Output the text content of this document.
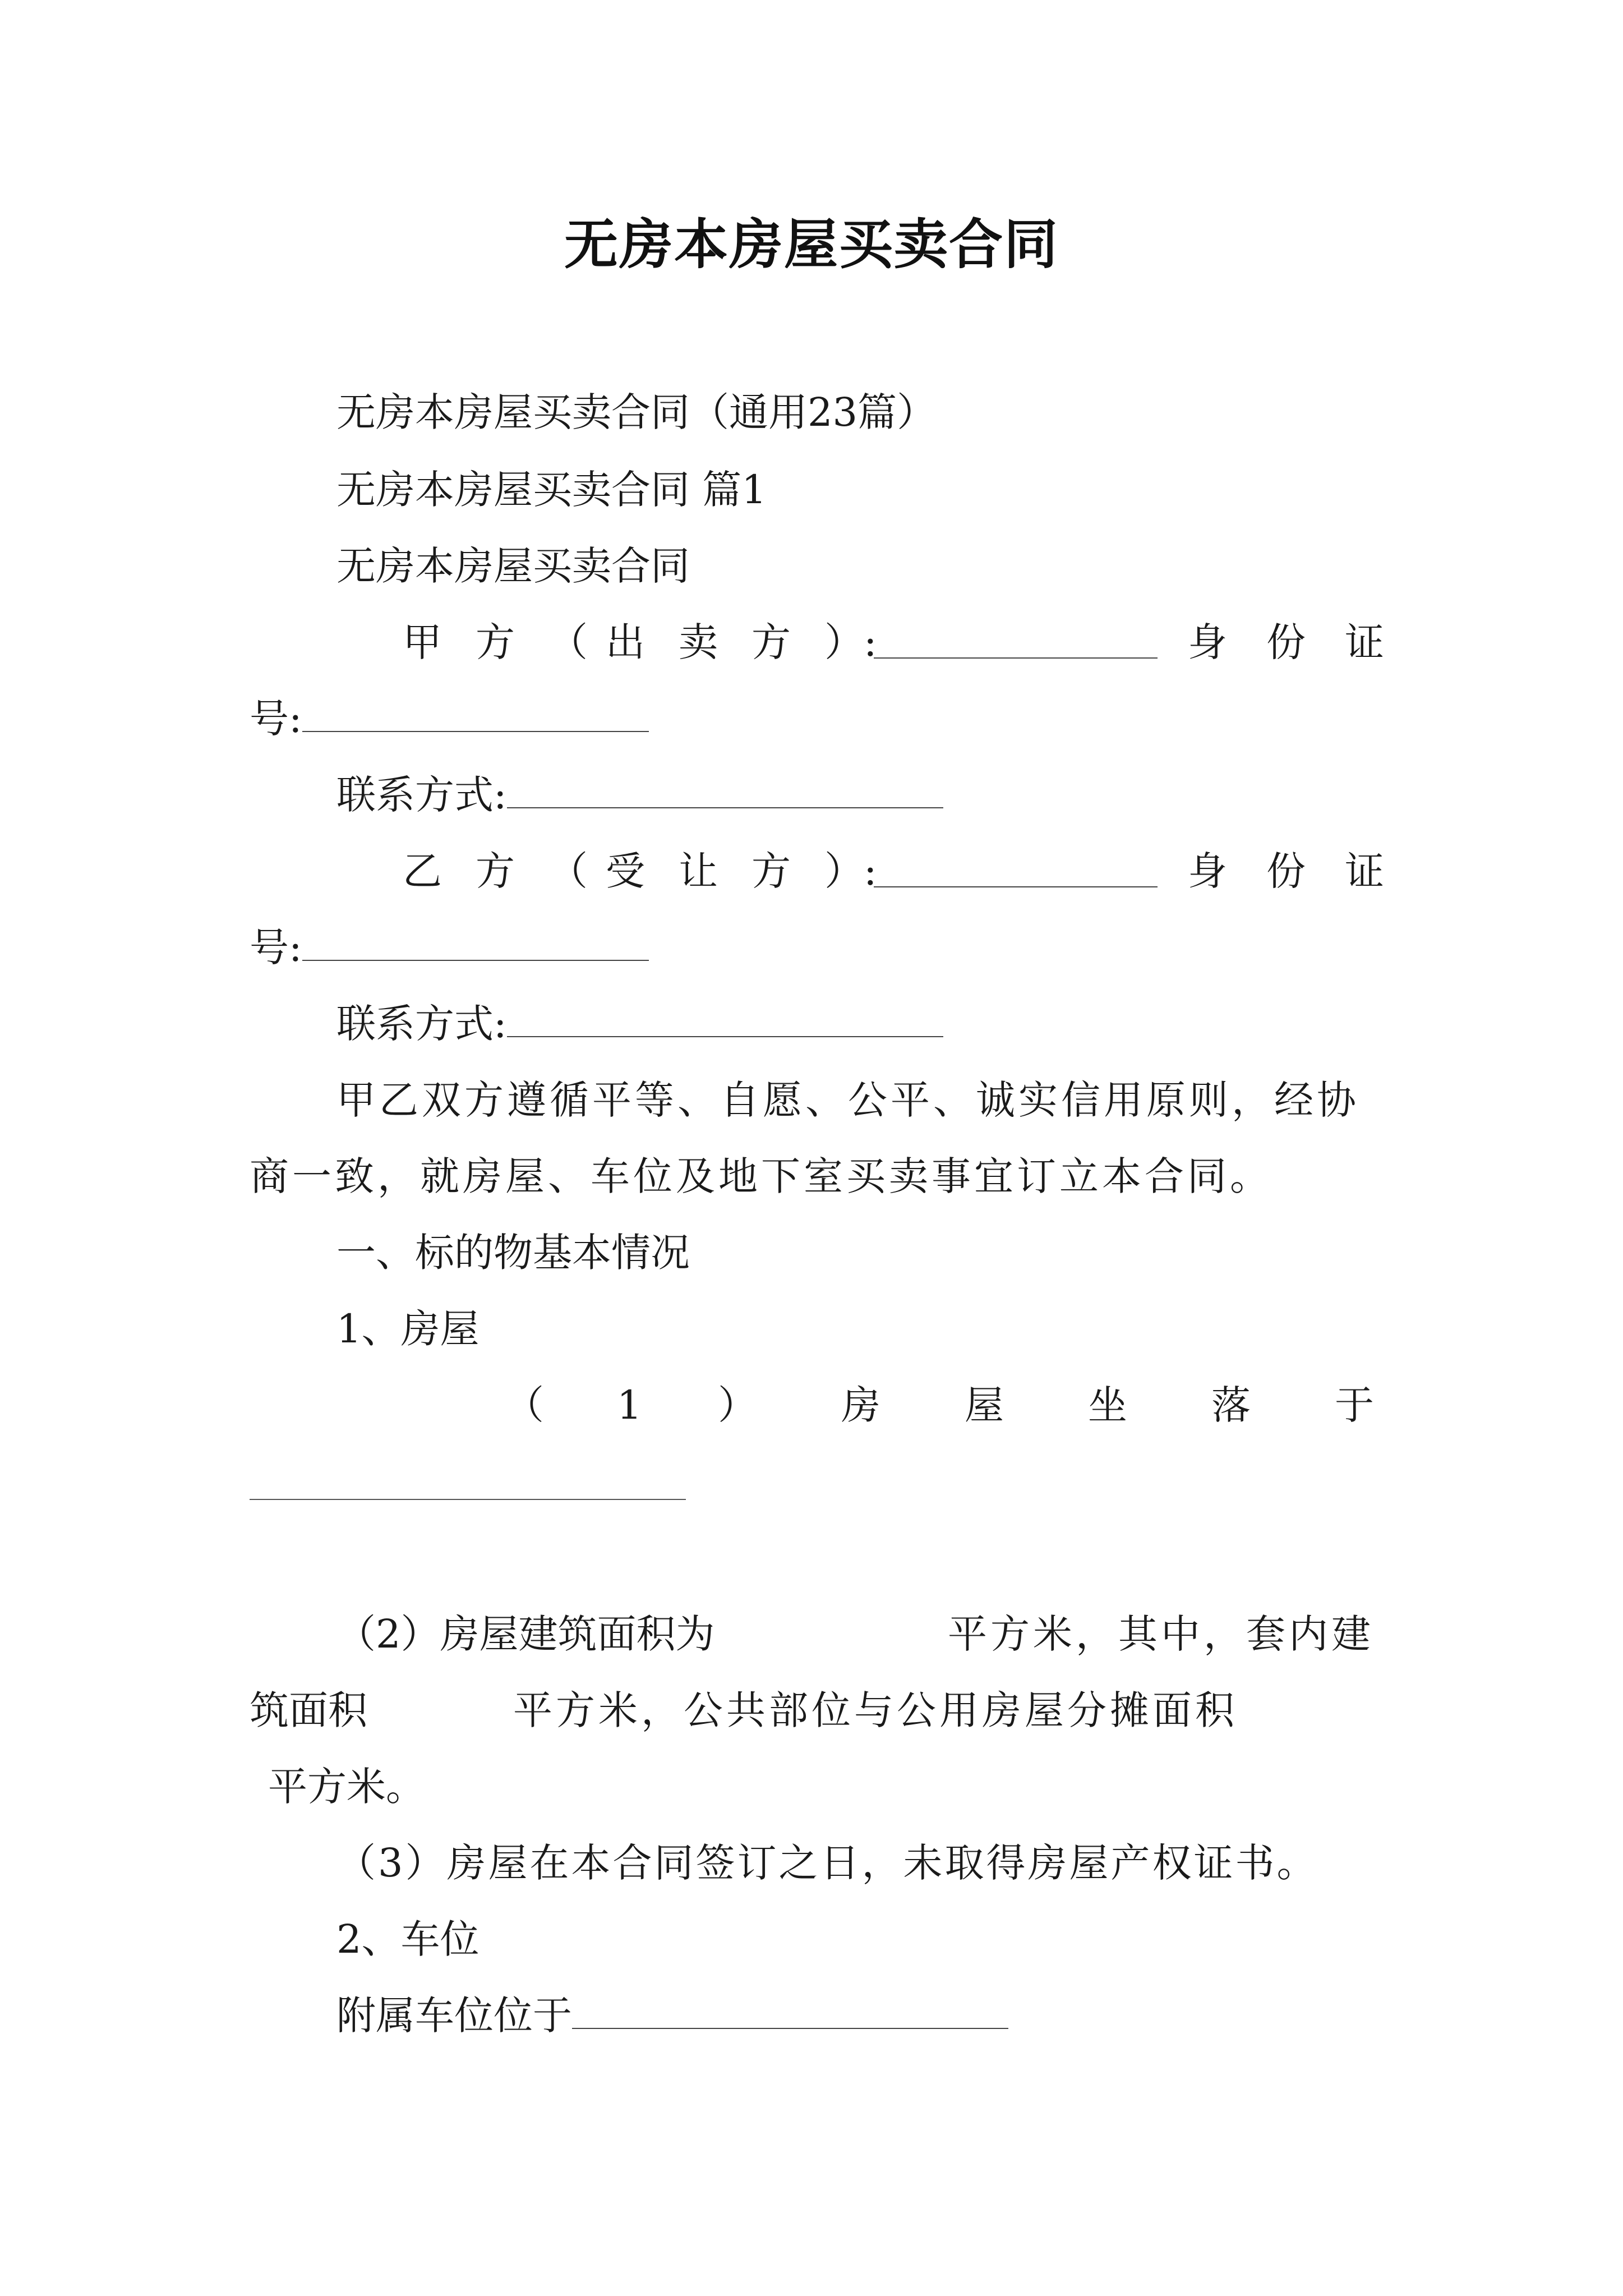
无房本房屋买卖合同
无房本房屋买卖合同（通用23篇）
无房本房屋买卖合同 篇1
无房本房屋买卖合同
甲 方 （ 出 卖 方 ）:	身 份 证
号:
联系方式:
乙 方 （ 受 让 方 ）:	身 份 证
号:
联系方式:
甲乙双方遵循平等、自愿、公平、诚实信用原则，经协
商一致，就房屋、车位及地下室买卖事宜订立本合同。
一、标的物基本情况
1、房屋
（ 1 ） 房 屋 坐 落 于
（2）房屋建筑面积为	平方米，其中，套内建
筑面积	平方米，公共部位与公用房屋分摊面积
平方米。
（3）房屋在本合同签订之日，未取得房屋产权证书。
2、车位
附属车位位于
